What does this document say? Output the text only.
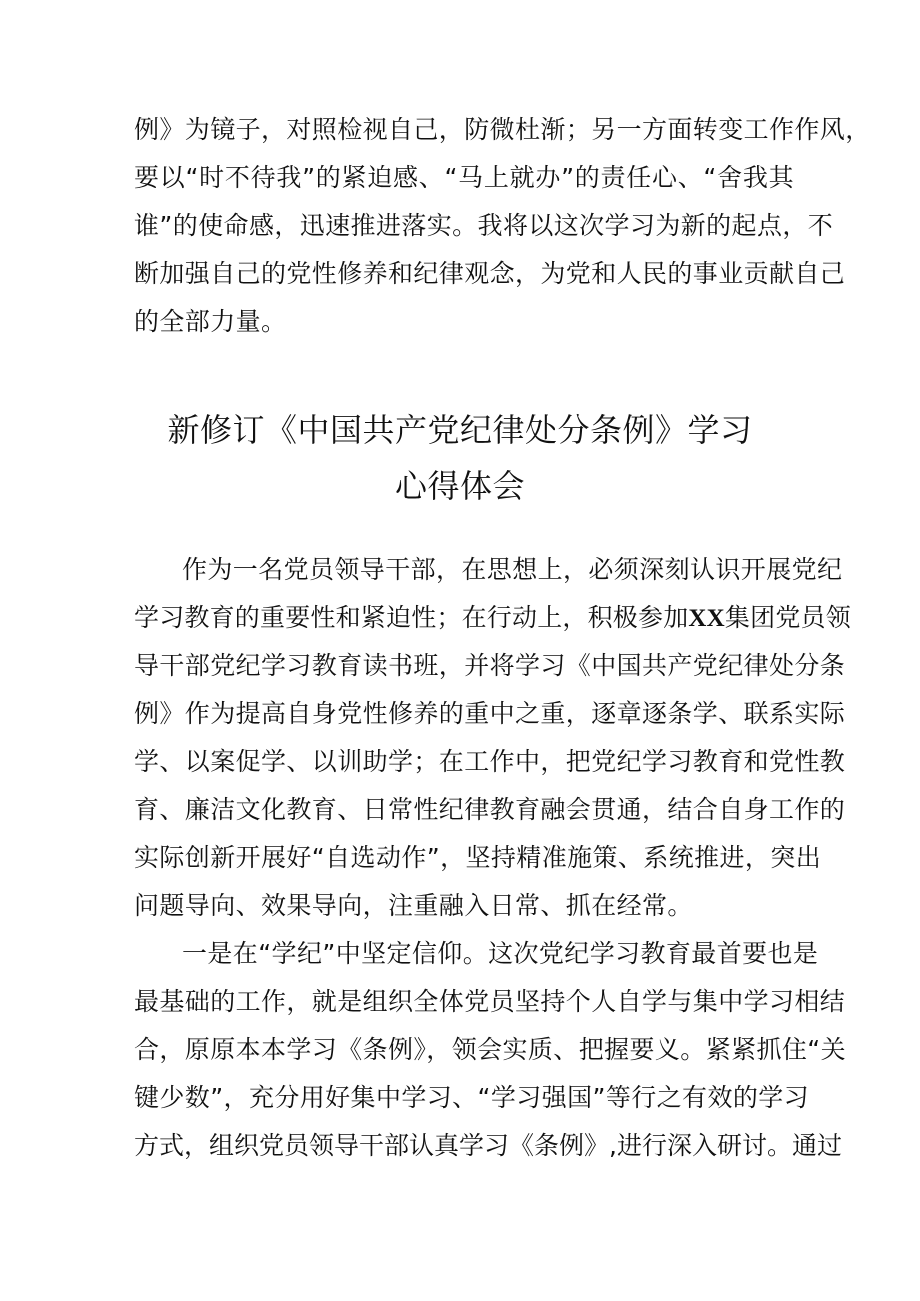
例》为镜子，对照检视自己，防微杜渐；另一方面转变工作作风，
要以“时不待我”的紧迫感、“马上就办”的责任心、“舍我其
谁”的使命感，迅速推进落实。我将以这次学习为新的起点，不
断加强自己的党性修养和纪律观念，为党和人民的事业贡献自己
的全部力量。
新修订《中国共产党纪律处分条例》学习
心得体会
作为一名党员领导干部，在思想上，必须深刻认识开展党纪
学习教育的重要性和紧迫性；在行动上，积极参加XX集团党员领
导干部党纪学习教育读书班，并将学习《中国共产党纪律处分条
例》作为提高自身党性修养的重中之重，逐章逐条学、联系实际
学、以案促学、以训助学；在工作中，把党纪学习教育和党性教
育、廉洁文化教育、日常性纪律教育融会贯通，结合自身工作的
实际创新开展好“自选动作”，坚持精准施策、系统推进，突出
问题导向、效果导向，注重融入日常、抓在经常。
一是在“学纪”中坚定信仰。这次党纪学习教育最首要也是
最基础的工作，就是组织全体党员坚持个人自学与集中学习相结
合，原原本本学习《条例》，领会实质、把握要义。紧紧抓住“关
键少数”，充分用好集中学习、“学习强国”等行之有效的学习
方式，组织党员领导干部认真学习《条例》,进行深入研讨。通过
